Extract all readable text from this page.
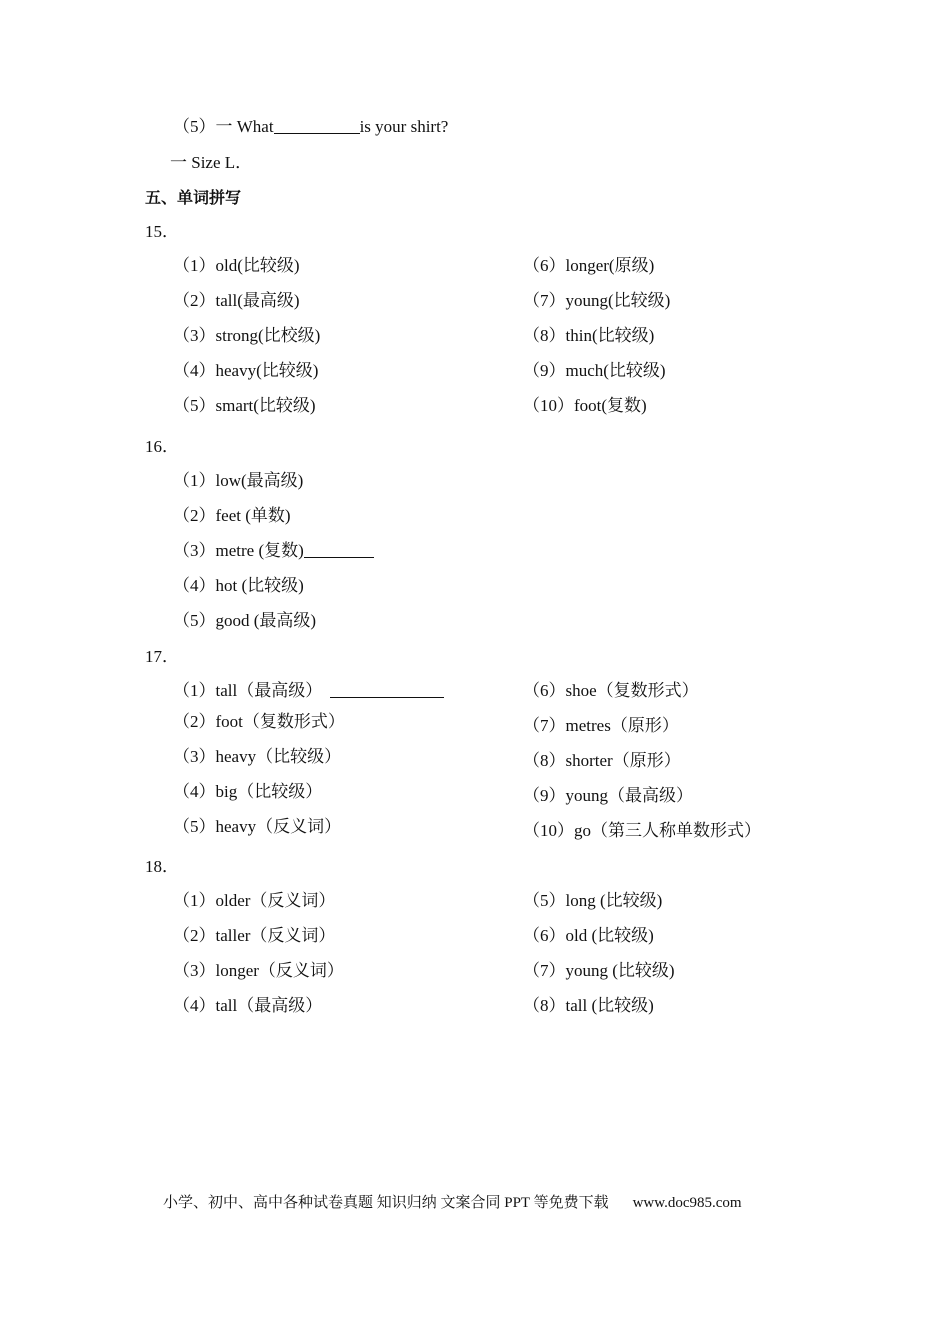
（5）一 What	is your shirt?
一 Size L．
五、单词拼写
15．
（1）old(比较级)
（2）tall(最高级)
（3）strong(比校级)
（4）heavy(比较级)
（5）smart(比较级)
（6）longer(原级)
（7）young(比较级)
（8）thin(比较级)
（9）much(比较级)
（10）foot(复数)
16．
（1）low(最高级)
（2）feet (单数)
（3）metre (复数)
（4）hot (比较级)
（5）good (最高级)
17．
（1）tall（最高级）
（2）foot（复数形式）
（3）heavy（比较级）
（4）big（比较级）
（5）heavy（反义词）
（6）shoe（复数形式）
（7）metres（原形）
（8）shorter（原形）
（9）young（最高级）
（10）go（第三人称单数形式）
18．
（1）older（反义词）
（2）taller（反义词）
（3）longer（反义词）
（4）tall（最高级）
（5）long (比较级)
（6）old (比较级)
（7）young (比较级)
（8）tall (比较级)
小学、初中、高中各种试卷真题 知识归纳 文案合同 PPT 等免费下载 www.doc985.com
